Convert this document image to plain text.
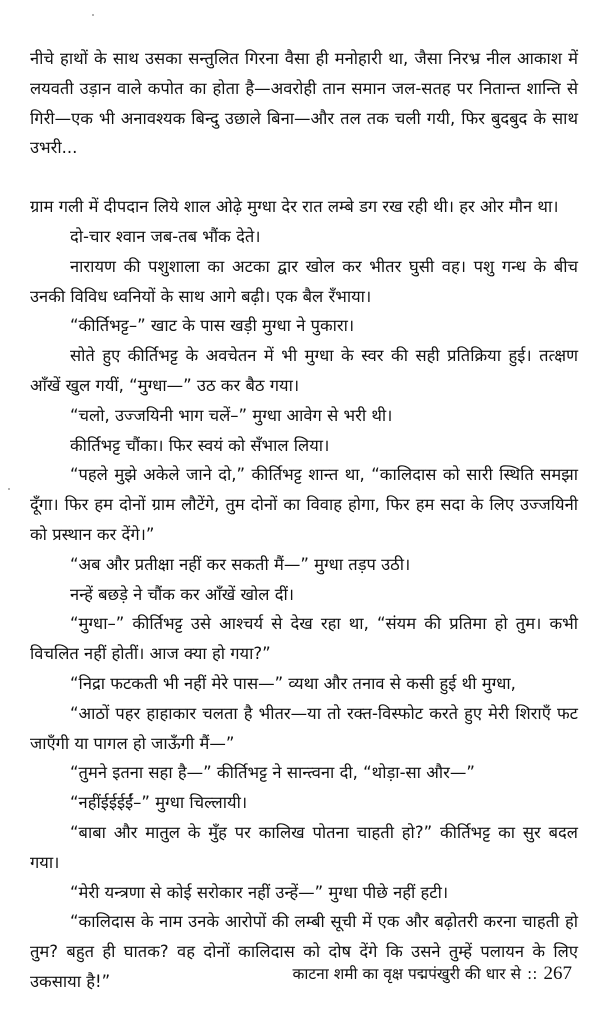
नीचे हाथों के साथ उसका सन्तुलित गिरना वैसा ही मनोहारी था, जैसा निरभ्र नील आकाश में लयवती उड़ान वाले कपोत का होता है—अवरोही तान समान जल-सतह पर नितान्त शान्ति से गिरी—एक भी अनावश्यक बिन्दु उछाले बिना—और तल तक चली गयी, फिर बुदबुद के साथ उभरी...

ग्राम गली में दीपदान लिये शाल ओढ़े मुग्धा देर रात लम्बे डग रख रही थी। हर ओर मौन था।

दो-चार श्वान जब-तब भौंक देते।

नारायण की पशुशाला का अटका द्वार खोल कर भीतर घुसी वह। पशु गन्ध के बीच उनकी विविध ध्वनियों के साथ आगे बढ़ी। एक बैल रँभाया।

“कीर्तिभट्ट–” खाट के पास खड़ी मुग्धा ने पुकारा।

सोते हुए कीर्तिभट्ट के अवचेतन में भी मुग्धा के स्वर की सही प्रतिक्रिया हुई। तत्क्षण आँखें खुल गयीं, “मुग्धा—” उठ कर बैठ गया।

“चलो, उज्जयिनी भाग चलें–” मुग्धा आवेग से भरी थी।

कीर्तिभट्ट चौंका। फिर स्वयं को सँभाल लिया।

“पहले मुझे अकेले जाने दो,” कीर्तिभट्ट शान्त था, “कालिदास को सारी स्थिति समझा दूँगा। फिर हम दोनों ग्राम लौटेंगे, तुम दोनों का विवाह होगा, फिर हम सदा के लिए उज्जयिनी को प्रस्थान कर देंगे।”

“अब और प्रतीक्षा नहीं कर सकती मैं—” मुग्धा तड़प उठी।

नन्हें बछड़े ने चौंक कर आँखें खोल दीं।

“मुग्धा–” कीर्तिभट्ट उसे आश्चर्य से देख रहा था, “संयम की प्रतिमा हो तुम। कभी विचलित नहीं होतीं। आज क्या हो गया?”

“निद्रा फटकती भी नहीं मेरे पास—” व्यथा और तनाव से कसी हुई थी मुग्धा,

“आठों पहर हाहाकार चलता है भीतर—या तो रक्त-विस्फोट करते हुए मेरी शिराएँ फट जाएँगी या पागल हो जाऊँगी मैं—”

“तुमने इतना सहा है—” कीर्तिभट्ट ने सान्त्वना दी, “थोड़ा-सा और—”

“नहींईईईईं–” मुग्धा चिल्लायी।

“बाबा और मातुल के मुँह पर कालिख पोतना चाहती हो?” कीर्तिभट्ट का सुर बदल गया।

“मेरी यन्त्रणा से कोई सरोकार नहीं उन्हें—” मुग्धा पीछे नहीं हटी।

“कालिदास के नाम उनके आरोपों की लम्बी सूची में एक और बढ़ोतरी करना चाहती हो तुम? बहुत ही घातक? वह दोनों कालिदास को दोष देंगे कि उसने तुम्हें पलायन के लिए उकसाया है!”	काटना शमी का वृक्ष पद्मपंखुरी की धार से :: 267
